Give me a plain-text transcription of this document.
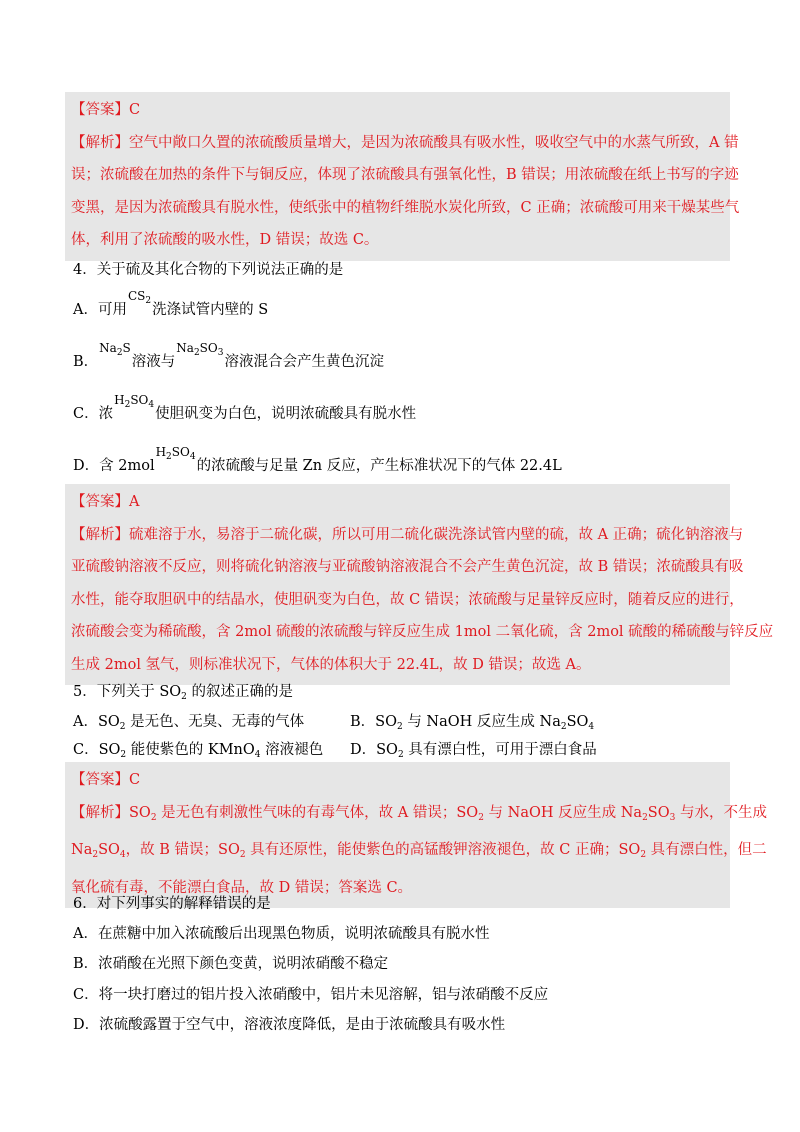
【答案】C
【解析】空气中敞口久置的浓硫酸质量增大，是因为浓硫酸具有吸水性，吸收空气中的水蒸气所致，A 错
误；浓硫酸在加热的条件下与铜反应，体现了浓硫酸具有强氧化性，B 错误；用浓硫酸在纸上书写的字迹
变黑，是因为浓硫酸具有脱水性，使纸张中的植物纤维脱水炭化所致，C 正确；浓硫酸可用来干燥某些气
体，利用了浓硫酸的吸水性，D 错误；故选 C。
4．关于硫及其化合物的下列说法正确的是
A．可用$CS_2$洗涤试管内壁的 S
B．$Na_2S$溶液与$Na_2SO_3$溶液混合会产生黄色沉淀
C．浓$H_2SO_4$使胆矾变为白色，说明浓硫酸具有脱水性
D．含 $2molH_2SO_4$的浓硫酸与足量 Zn 反应，产生标准状况下的气体 22.4L
【答案】A
【解析】硫难溶于水，易溶于二硫化碳，所以可用二硫化碳洗涤试管内壁的硫，故 A 正确；硫化钠溶液与
亚硫酸钠溶液不反应，则将硫化钠溶液与亚硫酸钠溶液混合不会产生黄色沉淀，故 B 错误；浓硫酸具有吸
水性，能夺取胆矾中的结晶水，使胆矾变为白色，故 C 错误；浓硫酸与足量锌反应时，随着反应的进行，
浓硫酸会变为稀硫酸，含 2mol 硫酸的浓硫酸与锌反应生成 1mol 二氧化硫，含 2mol 硫酸的稀硫酸与锌反应
生成 2mol 氢气，则标准状况下，气体的体积大于 22.4L，故 D 错误；故选 A。
5．下列关于 $SO_2$ 的叙述正确的是
A．$SO_2$ 是无色、无臭、无毒的气体	B．$SO_2$ 与 NaOH 反应生成 $Na_2SO_4$
C．$SO_2$ 能使紫色的 KMnO$_4$ 溶液褪色 D．$SO_2$ 具有漂白性，可用于漂白食品
【答案】C
【解析】$SO_2$ 是无色有刺激性气味的有毒气体，故 A 错误；$SO_2$ 与 NaOH 反应生成 $Na_2SO_3$ 与水，不生成
$Na_2SO_4$，故 B 错误；$SO_2$ 具有还原性，能使紫色的高锰酸钾溶液褪色，故 C 正确；$SO_2$ 具有漂白性，但二
氧化硫有毒，不能漂白食品，故 D 错误；答案选 C。
6．对下列事实的解释错误的是
A．在蔗糖中加入浓硫酸后出现黑色物质，说明浓硫酸具有脱水性
B．浓硝酸在光照下颜色变黄，说明浓硝酸不稳定
C．将一块打磨过的铝片投入浓硝酸中，铝片未见溶解，铝与浓硝酸不反应
D．浓硫酸露置于空气中，溶液浓度降低，是由于浓硫酸具有吸水性
